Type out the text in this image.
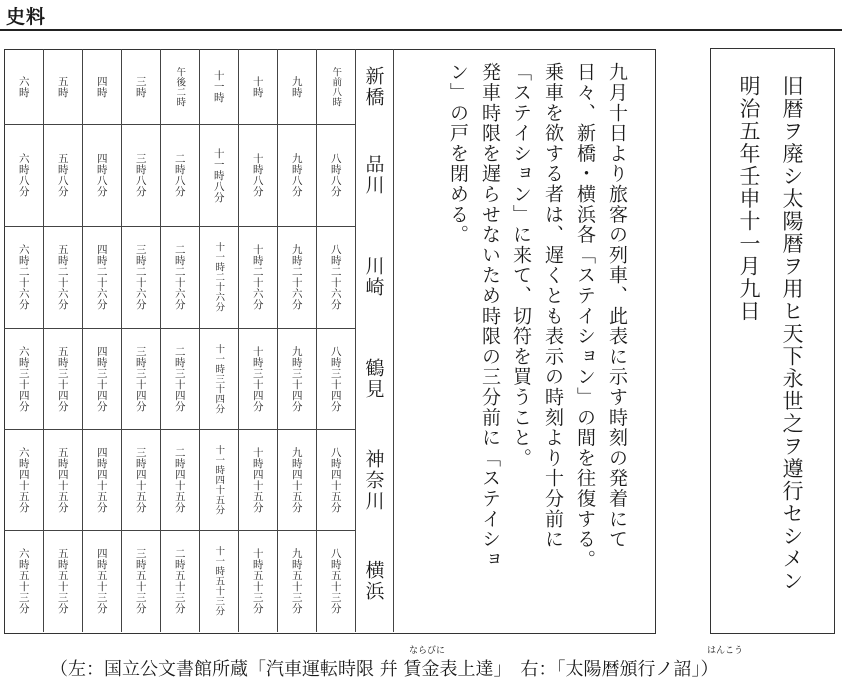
史料
新橋
品川
川崎
鶴見
神奈川
横浜
午前八時
八時八分
八時二十六分
八時三十四分
八時四十五分
八時五十三分
九時
九時八分
九時二十六分
九時三十四分
九時四十五分
九時五十三分
十時
十時八分
十時二十六分
十時三十四分
十時四十五分
十時五十三分
十一時
十一時八分
十一時二十六分
十一時三十四分
十一時四十五分
十一時五十三分
午後二時
二時八分
二時二十六分
二時三十四分
二時四十五分
二時五十三分
三時
三時八分
三時二十六分
三時三十四分
三時四十五分
三時五十三分
四時
四時八分
四時二十六分
四時三十四分
四時四十五分
四時五十三分
五時
五時八分
五時二十六分
五時三十四分
五時四十五分
五時五十三分
六時
六時八分
六時二十六分
六時三十四分
六時四十五分
六時五十三分
九月十日より旅客の列車、此表に示す時刻の発着にて
日々、新橋・横浜各「ステイション」の間を往復する。
乗車を欲する者は、遅くとも表示の時刻より十分前に
「ステイション」に来て、切符を買うこと。
発車時限を遅らせないため時限の三分前に「ステイショ
ン」の戸を閉める。	旧暦ヲ廃シ太陽暦ヲ用ヒ天下永世之ヲ遵行セシメン
明治五年壬申十一月九日
（左：国立公文書館所蔵「汽車運転時限 幷 賃金表上達」　右：「太陽暦頒行ノ詔」）
ならびに	はんこう
